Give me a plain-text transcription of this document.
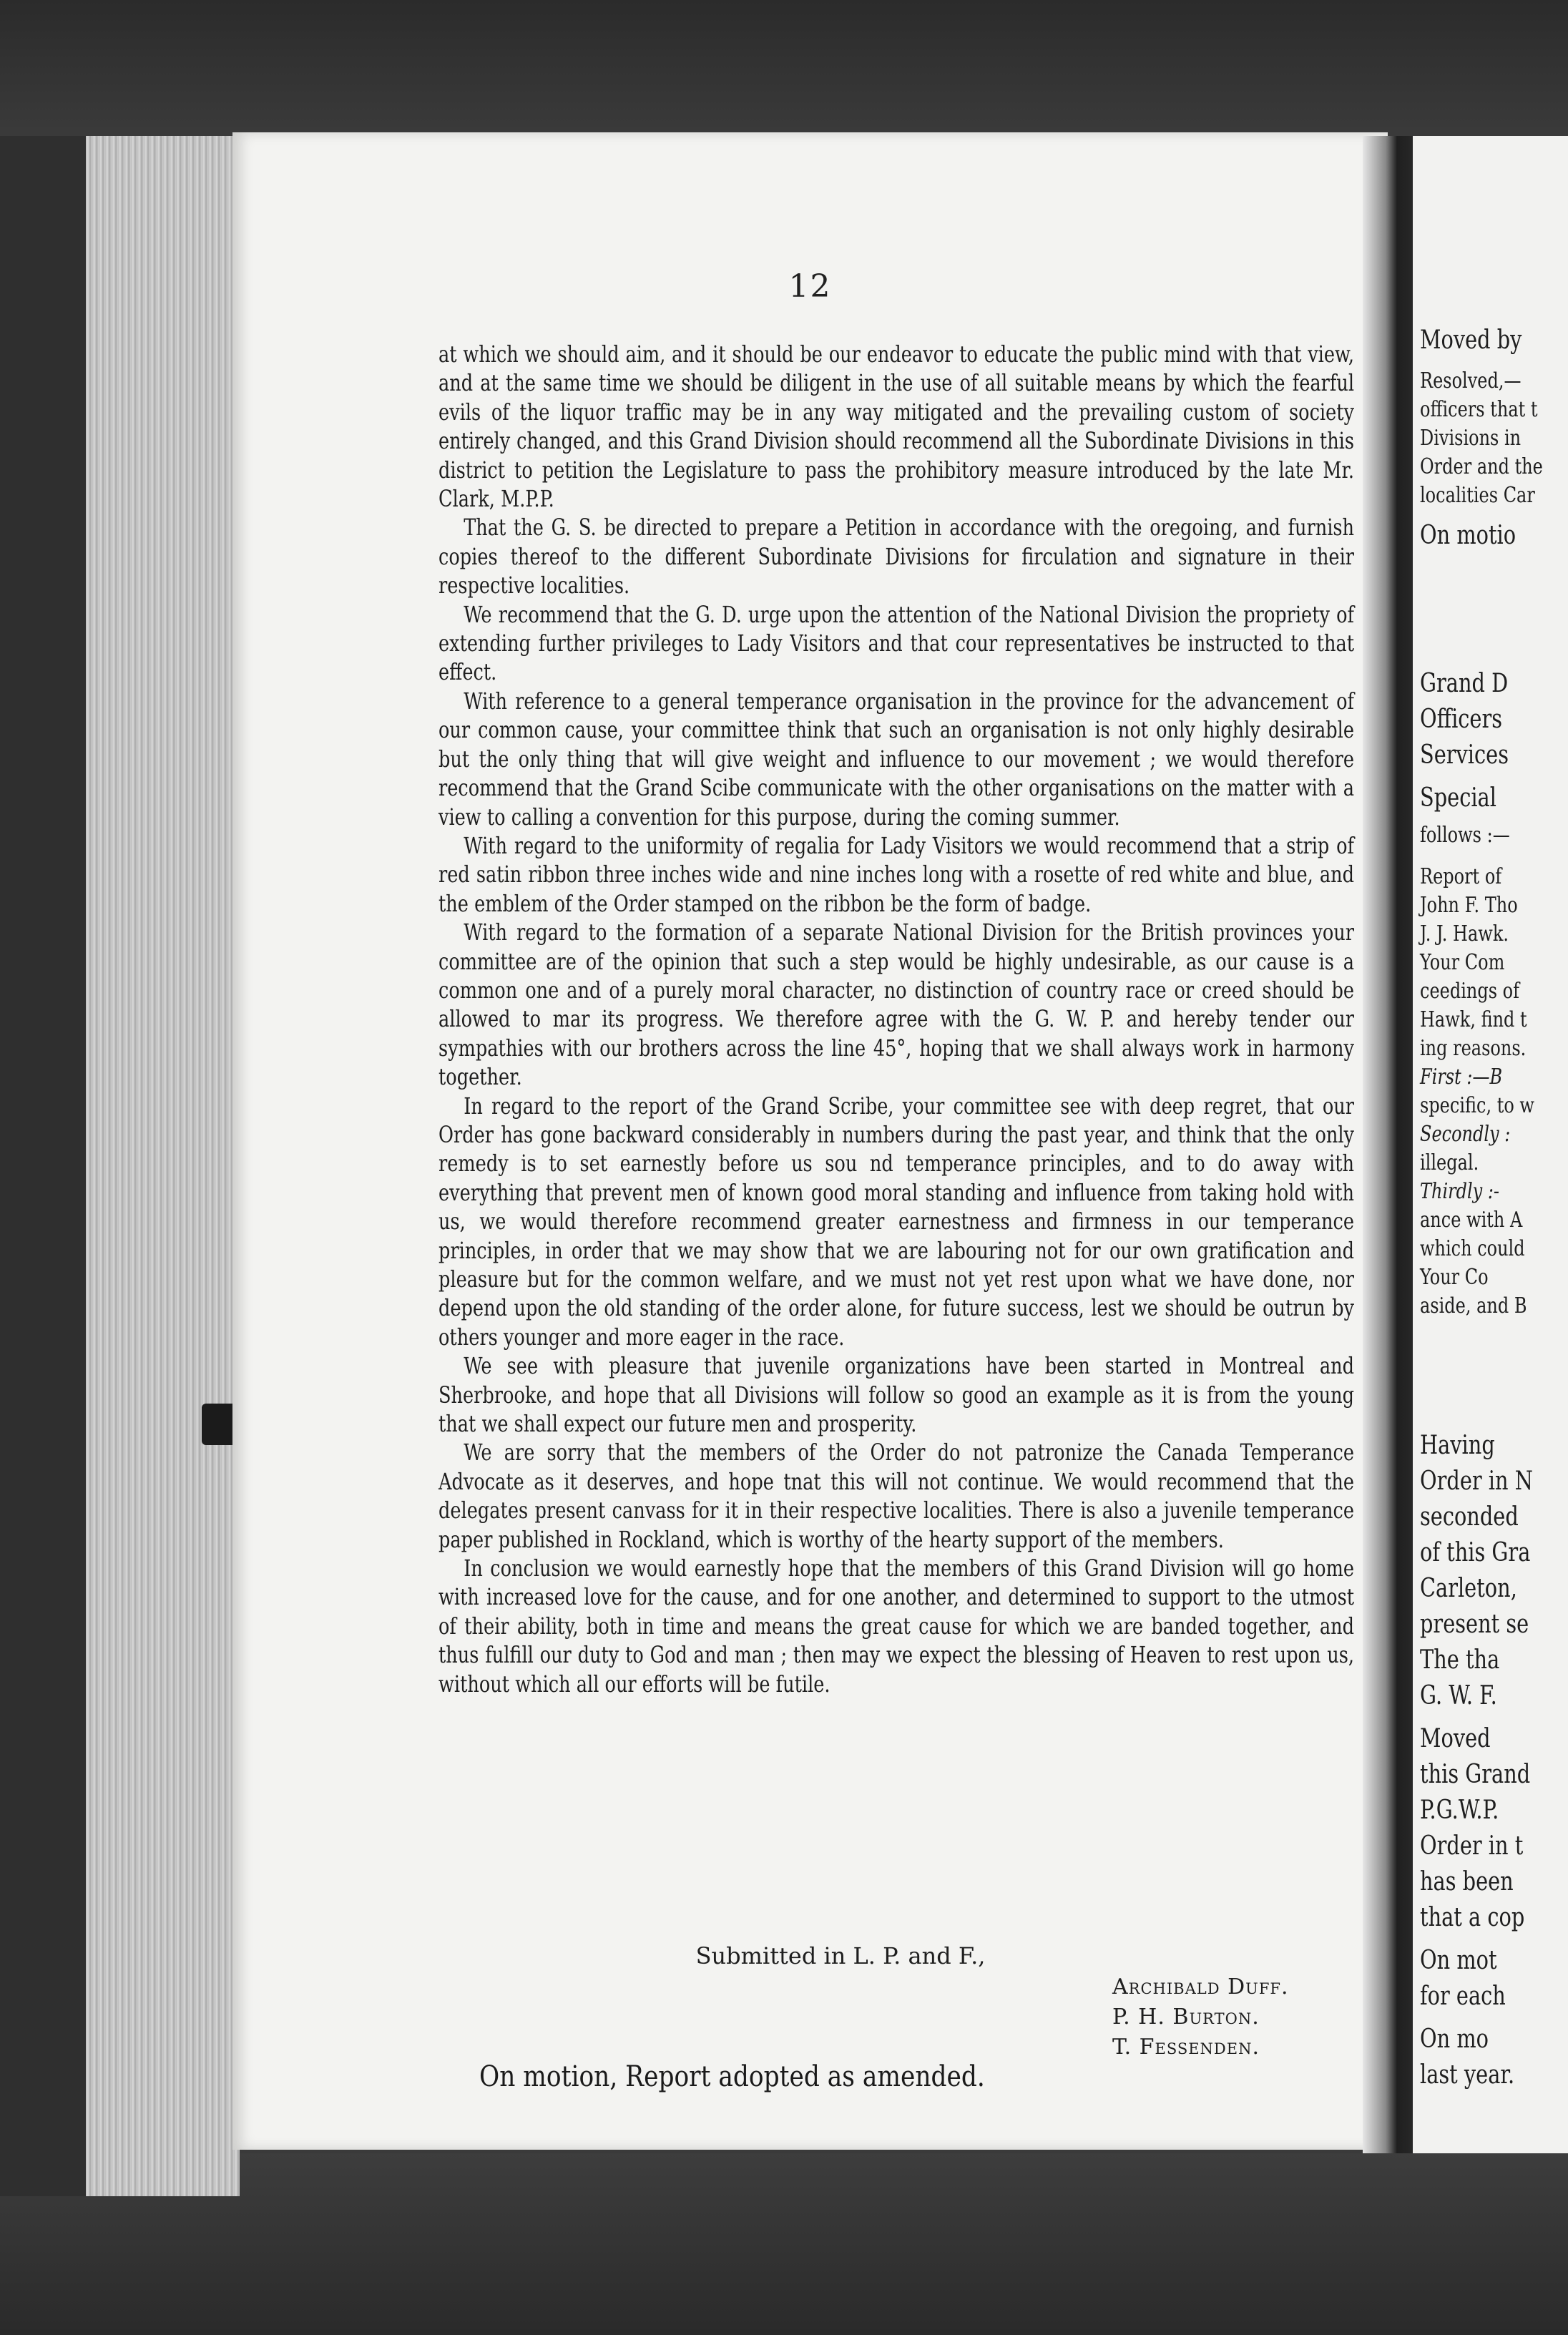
12

at which we should aim, and it should be our endeavor to educate the public mind with that view, and at the same time we should be diligent in the use of all suitable means by which the fearful evils of the liquor traffic may be in any way mitigated and the prevailing custom of society entirely changed, and this Grand Division should recommend all the Subordinate Divisions in this district to petition the Legislature to pass the prohibitory measure introduced by the late Mr. Clark, M.P.P.

That the G. S. be directed to prepare a Petition in accordance with the oregoing, and furnish copies thereof to the different Subordinate Divisions for firculation and signature in their respective localities.

We recommend that the G. D. urge upon the attention of the National Division the propriety of extending further privileges to Lady Visitors and that cour representatives be instructed to that effect.

With reference to a general temperance organisation in the province for the advancement of our common cause, your committee think that such an organisation is not only highly desirable but the only thing that will give weight and influence to our movement ; we would therefore recommend that the Grand Scibe communicate with the other organisations on the matter with a view to calling a convention for this purpose, during the coming summer.

With regard to the uniformity of regalia for Lady Visitors we would recommend that a strip of red satin ribbon three inches wide and nine inches long with a rosette of red white and blue, and the emblem of the Order stamped on the ribbon be the form of badge.

With regard to the formation of a separate National Division for the British provinces your committee are of the opinion that such a step would be highly undesirable, as our cause is a common one and of a purely moral character, no distinction of country race or creed should be allowed to mar its progress. We therefore agree with the G. W. P. and hereby tender our sympathies with our brothers across the line 45°, hoping that we shall always work in harmony together.

In regard to the report of the Grand Scribe, your committee see with deep regret, that our Order has gone backward considerably in numbers during the past year, and think that the only remedy is to set earnestly before us sou nd temperance principles, and to do away with everything that prevent men of known good moral standing and influence from taking hold with us, we would therefore recommend greater earnestness and firmness in our temperance principles, in order that we may show that we are labouring not for our own gratification and pleasure but for the common welfare, and we must not yet rest upon what we have done, nor depend upon the old standing of the order alone, for future success, lest we should be outrun by others younger and more eager in the race.

We see with pleasure that juvenile organizations have been started in Montreal and Sherbrooke, and hope that all Divisions will follow so good an example as it is from the young that we shall expect our future men and prosperity.

We are sorry that the members of the Order do not patronize the Canada Temperance Advocate as it deserves, and hope tnat this will not continue. We would recommend that the delegates present canvass for it in their respective localities. There is also a juvenile temperance paper published in Rockland, which is worthy of the hearty support of the members.

In conclusion we would earnestly hope that the members of this Grand Division will go home with increased love for the cause, and for one another, and determined to support to the utmost of their ability, both in time and means the great cause for which we are banded together, and thus fulfill our duty to God and man ; then may we expect the blessing of Heaven to rest upon us, without which all our efforts will be futile.

Submitted in L. P. and F.,
Archibald Duff.
P. H. Burton.
T. Fessenden.
On motion, Report adopted as amended.
Moved by
Resolved,—
officers that t
Divisions in
Order and the
localities Car
On motio
Grand D
Officers
Services
Special
follows :—
Report of
John F. Tho
J. J. Hawk.
Your Com
ceedings of
Hawk, find t
ing reasons.
First :—B
specific, to w
Secondly :
illegal.
Thirdly :-
ance with A
which could
Your Co
aside, and B
Having
Order in N
seconded
of this Gra
Carleton,
present se
The tha
G. W. F.
Moved
this Grand
P.G.W.P.
Order in t
has been
that a cop
On mot
for each
On mo
last year.
